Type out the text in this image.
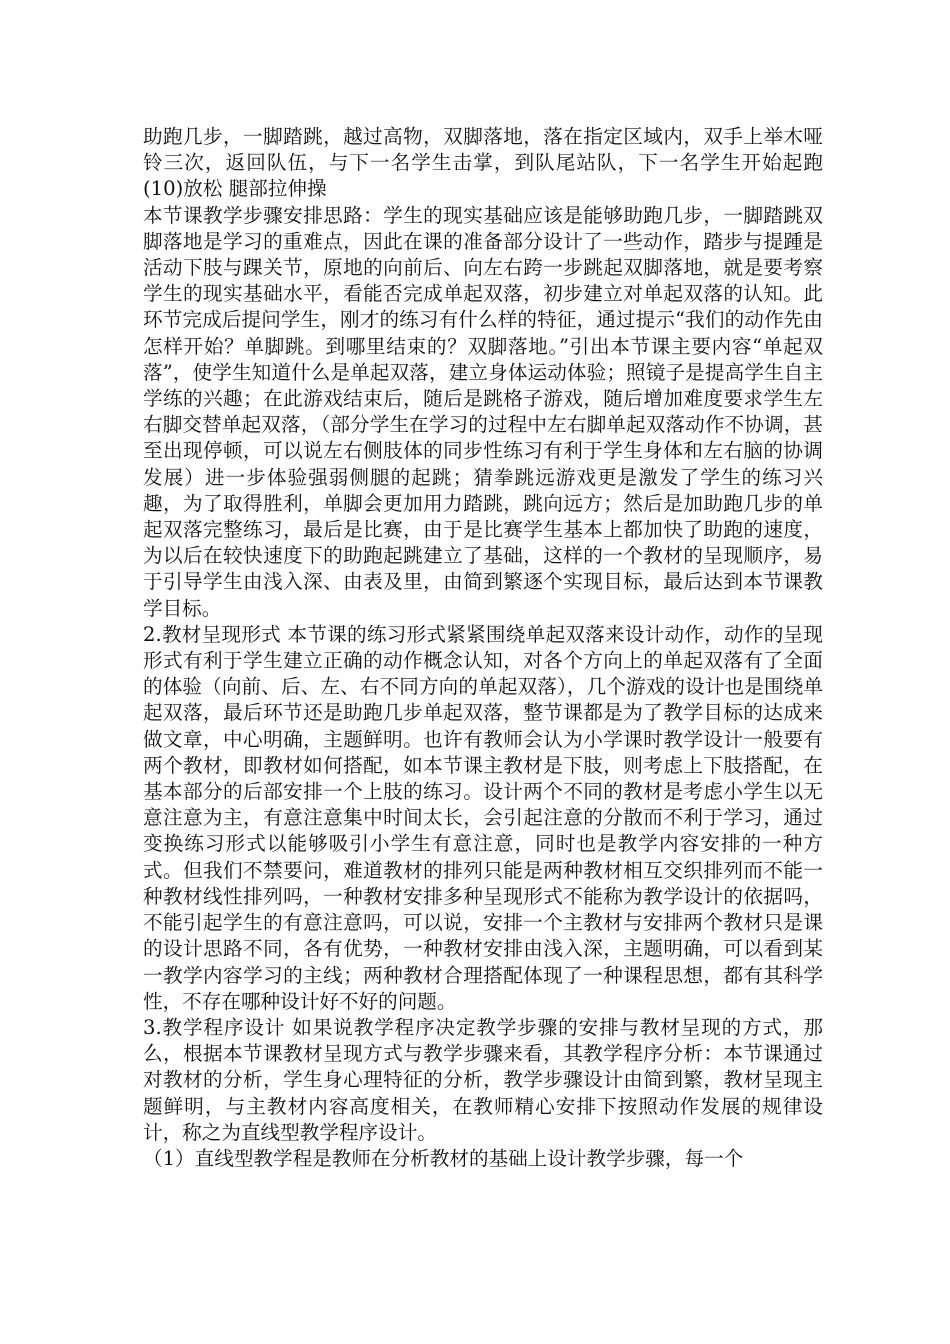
助跑几步，一脚踏跳，越过高物，双脚落地，落在指定区域内，双手上举木哑铃三次，返回队伍，与下一名学生击掌，到队尾站队，下一名学生开始起跑 (10)放松 腿部拉伸操

本节课教学步骤安排思路：学生的现实基础应该是能够助跑几步，一脚踏跳双脚落地是学习的重难点，因此在课的准备部分设计了一些动作，踏步与提踵是活动下肢与踝关节，原地的向前后、向左右跨一步跳起双脚落地，就是要考察学生的现实基础水平，看能否完成单起双落，初步建立对单起双落的认知。此环节完成后提问学生，刚才的练习有什么样的特征，通过提示“我们的动作先由怎样开始？单脚跳。到哪里结束的？双脚落地。”引出本节课主要内容“单起双落”，使学生知道什么是单起双落，建立身体运动体验；照镜子是提高学生自主学练的兴趣；在此游戏结束后，随后是跳格子游戏，随后增加难度要求学生左右脚交替单起双落，（部分学生在学习的过程中左右脚单起双落动作不协调，甚至出现停顿，可以说左右侧肢体的同步性练习有利于学生身体和左右脑的协调发展）进一步体验强弱侧腿的起跳；猜拳跳远游戏更是激发了学生的练习兴趣，为了取得胜利，单脚会更加用力踏跳，跳向远方；然后是加助跑几步的单起双落完整练习，最后是比赛，由于是比赛学生基本上都加快了助跑的速度，为以后在较快速度下的助跑起跳建立了基础，这样的一个教材的呈现顺序，易于引导学生由浅入深、由表及里，由简到繁逐个实现目标，最后达到本节课教学目标。

2.教材呈现形式 本节课的练习形式紧紧围绕单起双落来设计动作，动作的呈现形式有利于学生建立正确的动作概念认知，对各个方向上的单起双落有了全面的体验（向前、后、左、右不同方向的单起双落），几个游戏的设计也是围绕单起双落，最后环节还是助跑几步单起双落，整节课都是为了教学目标的达成来做文章，中心明确，主题鲜明。也许有教师会认为小学课时教学设计一般要有两个教材，即教材如何搭配，如本节课主教材是下肢，则考虑上下肢搭配，在基本部分的后部安排一个上肢的练习。设计两个不同的教材是考虑小学生以无意注意为主，有意注意集中时间太长，会引起注意的分散而不利于学习，通过变换练习形式以能够吸引小学生有意注意，同时也是教学内容安排的一种方式。但我们不禁要问，难道教材的排列只能是两种教材相互交织排列而不能一种教材线性排列吗，一种教材安排多种呈现形式不能称为教学设计的依据吗，不能引起学生的有意注意吗，可以说，安排一个主教材与安排两个教材只是课的设计思路不同，各有优势，一种教材安排由浅入深，主题明确，可以看到某一教学内容学习的主线；两种教材合理搭配体现了一种课程思想，都有其科学性，不存在哪种设计好不好的问题。

3.教学程序设计 如果说教学程序决定教学步骤的安排与教材呈现的方式，那么，根据本节课教材呈现方式与教学步骤来看，其教学程序分析：本节课通过对教材的分析，学生身心理特征的分析，教学步骤设计由简到繁，教材呈现主题鲜明，与主教材内容高度相关，在教师精心安排下按照动作发展的规律设计，称之为直线型教学程序设计。

（1）直线型教学程是教师在分析教材的基础上设计教学步骤，每一个
